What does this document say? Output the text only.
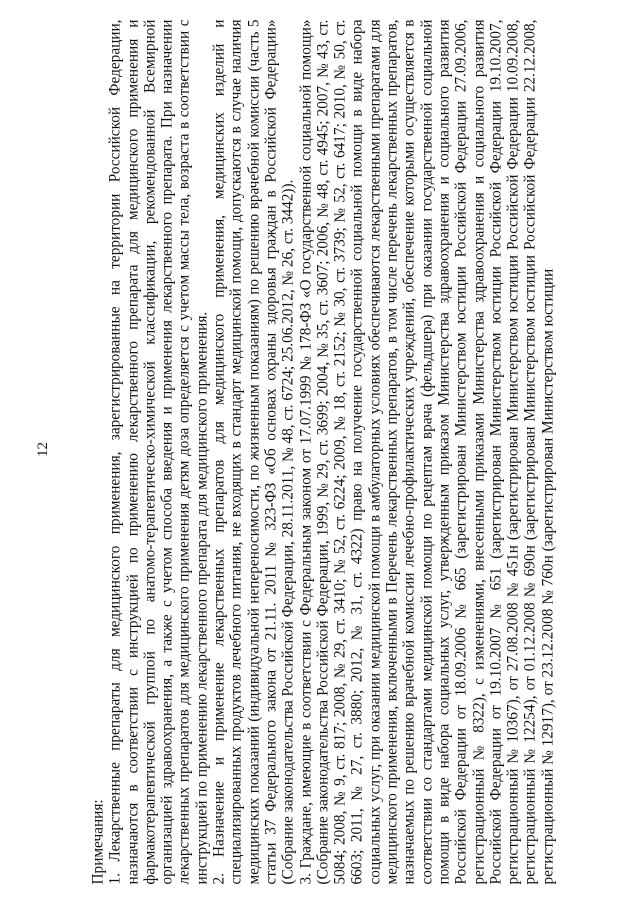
12

Примечания: 1. Лекарственные препараты для медицинского применения, зарегистрированные на территории Российской Федерации, назначаются в соответствии с инструкцией по применению лекарственного препарата для медицинского применения и фармакотерапевтической группой по анатомо-терапевтическо-химической классификации, рекомендованной Всемирной организацией здравоохранения, а также с учетом способа введения и применения лекарственного препарата. При назначении лекарственных препаратов для медицинского применения детям доза определяется с учетом массы тела, возраста в соответствии с инструкцией по применению лекарственного препарата для медицинского применения. 2. Назначение и применение лекарственных препаратов для медицинского применения, медицинских изделий и специализированных продуктов лечебного питания, не входящих в стандарт медицинской помощи, допускаются в случае наличия медицинских показаний (индивидуальной непереносимости, по жизненным показаниям) по решению врачебной комиссии (часть 5 статьи 37 Федерального закона от 21.11. 2011 № 323-ФЗ «Об основах охраны здоровья граждан в Российской Федерации» (Собрание законодательства Российской Федерации, 28.11.2011, № 48, ст. 6724; 25.06.2012, № 26, ст. 3442)). 3. Граждане, имеющие в соответствии с Федеральным законом от 17.07.1999 № 178-ФЗ «О государственной социальной помощи» (Собрание законодательства Российской Федерации, 1999, № 29, ст. 3699; 2004, № 35, ст. 3607; 2006, № 48, ст. 4945; 2007, № 43, ст. 5084; 2008, № 9, ст. 817; 2008, № 29, ст. 3410; № 52, ст. 6224; 2009, № 18, ст. 2152; № 30, ст. 3739; № 52, ст. 6417; 2010, № 50, ст. 6603; 2011, № 27, ст. 3880; 2012, № 31, ст. 4322) право на получение государственной социальной помощи в виде набора социальных услуг, при оказании медицинской помощи в амбулаторных условиях обеспечиваются лекарственными препаратами для медицинского применения, включенными в Перечень лекарственных препаратов, в том числе перечень лекарственных препаратов, назначаемых по решению врачебной комиссии лечебно-профилактических учреждений, обеспечение которыми осуществляется в соответствии со стандартами медицинской помощи по рецептам врача (фельдшера) при оказании государственной социальной помощи в виде набора социальных услуг, утвержденным приказом Министерства здравоохранения и социального развития Российской Федерации от 18.09.2006 № 665 (зарегистрирован Министерством юстиции Российской Федерации 27.09.2006, регистрационный № 8322), с изменениями, внесенными приказами Министерства здравоохранения и социального развития Российской Федерации от 19.10.2007 № 651 (зарегистрирован Министерством юстиции Российской Федерации 19.10.2007, регистрационный № 10367), от 27.08.2008 № 451н (зарегистрирован Министерством юстиции Российской Федерации 10.09.2008, регистрационный № 12254), от 01.12.2008 № 690н (зарегистрирован Министерством юстиции Российской Федерации 22.12.2008, регистрационный № 12917), от 23.12.2008 № 760н (зарегистрирован Министерством юстиции
